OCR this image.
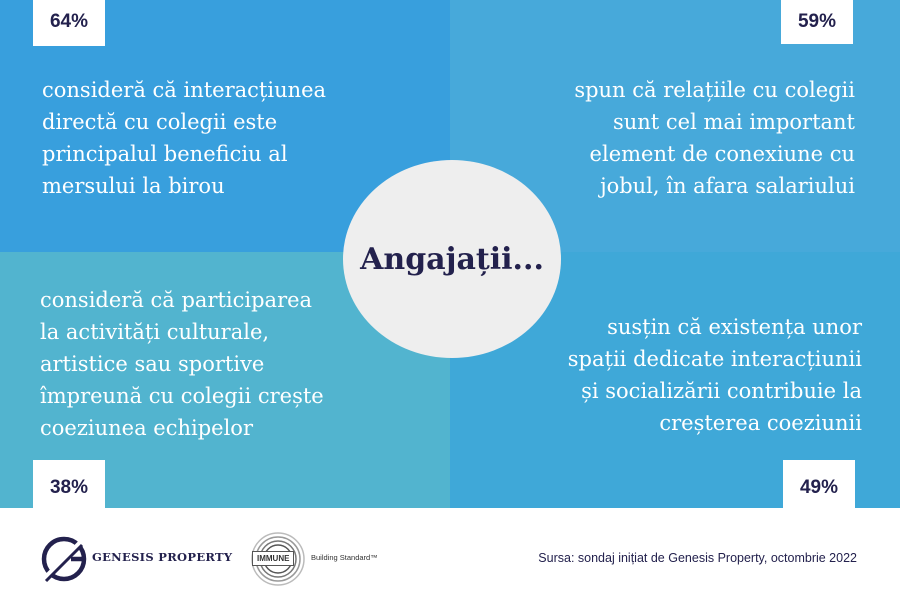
64%	59%
38%	49%
consideră că interacțiunea
directă cu colegii este
principalul beneficiu al
mersului la birou
spun că relațiile cu colegii
sunt cel mai important
element de conexiune cu
jobul, în afara salariului
consideră că participarea
la activități culturale,
artistice sau sportive
împreună cu colegii crește
coeziunea echipelor
susțin că existența unor
spații dedicate interacțiunii
și socializării contribuie la
creșterea coeziunii
Angajații...
GENESIS PROPERTY	IMMUNE	Building Standard™	Sursa: sondaj inițiat de Genesis Property, octombrie 2022
